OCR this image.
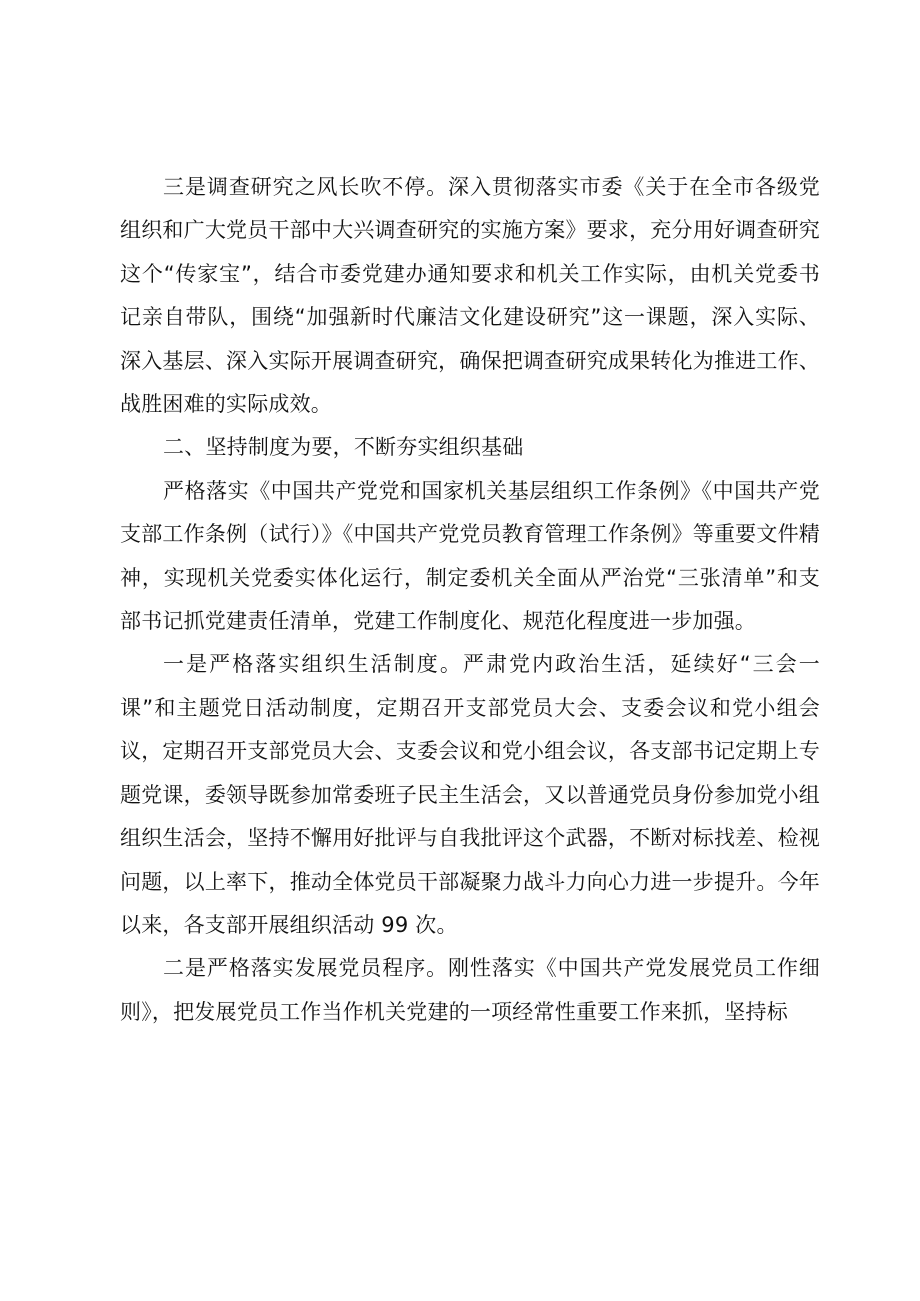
三是调查研究之风长吹不停。深入贯彻落实市委《关于在全市各级党组织和广大党员干部中大兴调查研究的实施方案》要求，充分用好调查研究这个“传家宝”，结合市委党建办通知要求和机关工作实际，由机关党委书记亲自带队，围绕“加强新时代廉洁文化建设研究”这一课题，深入实际、深入基层、深入实际开展调查研究，确保把调查研究成果转化为推进工作、战胜困难的实际成效。

二、坚持制度为要，不断夯实组织基础

严格落实《中国共产党党和国家机关基层组织工作条例》《中国共产党支部工作条例（试行）》《中国共产党党员教育管理工作条例》等重要文件精神，实现机关党委实体化运行，制定委机关全面从严治党“三张清单”和支部书记抓党建责任清单，党建工作制度化、规范化程度进一步加强。

一是严格落实组织生活制度。严肃党内政治生活，延续好“三会一课”和主题党日活动制度，定期召开支部党员大会、支委会议和党小组会议，定期召开支部党员大会、支委会议和党小组会议，各支部书记定期上专题党课，委领导既参加常委班子民主生活会，又以普通党员身份参加党小组组织生活会，坚持不懈用好批评与自我批评这个武器，不断对标找差、检视问题，以上率下，推动全体党员干部凝聚力战斗力向心力进一步提升。今年以来，各支部开展组织活动 99 次。

二是严格落实发展党员程序。刚性落实《中国共产党发展党员工作细则》，把发展党员工作当作机关党建的一项经常性重要工作来抓，坚持标
